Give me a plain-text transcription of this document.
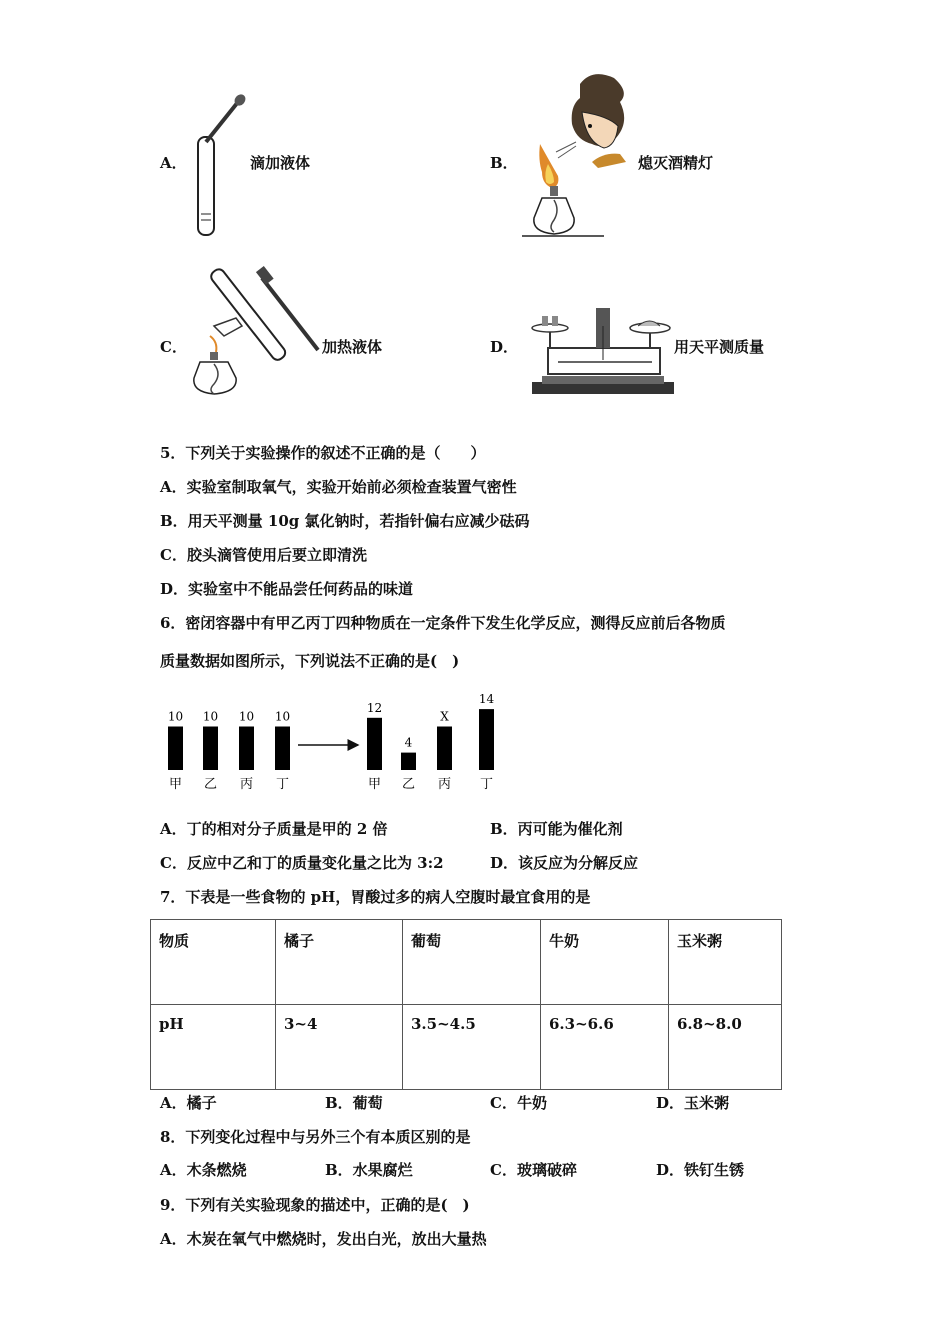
A．	滴加液体	B．	熄灭酒精灯
C．	加热液体	D．	用天平测质量
5．下列关于实验操作的叙述不正确的是（　　）
A．实验室制取氧气，实验开始前必须检查装置气密性
B．用天平测量 10g 氯化钠时，若指针偏右应减少砝码
C．胶头滴管使用后要立即清洗
D．实验室中不能品尝任何药品的味道
6．密闭容器中有甲乙丙丁四种物质在一定条件下发生化学反应，测得反应前后各物质
质量数据如图所示，下列说法不正确的是(　)
10
甲
10
乙
10
丙
10
丁
12
甲
4
乙
X
丙
14
丁
A．丁的相对分子质量是甲的 2 倍	B．丙可能为催化剂
C．反应中乙和丁的质量变化量之比为 3:2	D．该反应为分解反应
7．下表是一些食物的 pH，胃酸过多的病人空腹时最宜食用的是
物质	橘子	葡萄	牛奶	玉米粥
pH	3~4	3.5~4.5	6.3~6.6	6.8~8.0
A．橘子	B．葡萄	C．牛奶	D．玉米粥
8．下列变化过程中与另外三个有本质区别的是
A．木条燃烧	B．水果腐烂	C．玻璃破碎	D．铁钉生锈
9．下列有关实验现象的描述中，正确的是(　)
A．木炭在氧气中燃烧时，发出白光，放出大量热
